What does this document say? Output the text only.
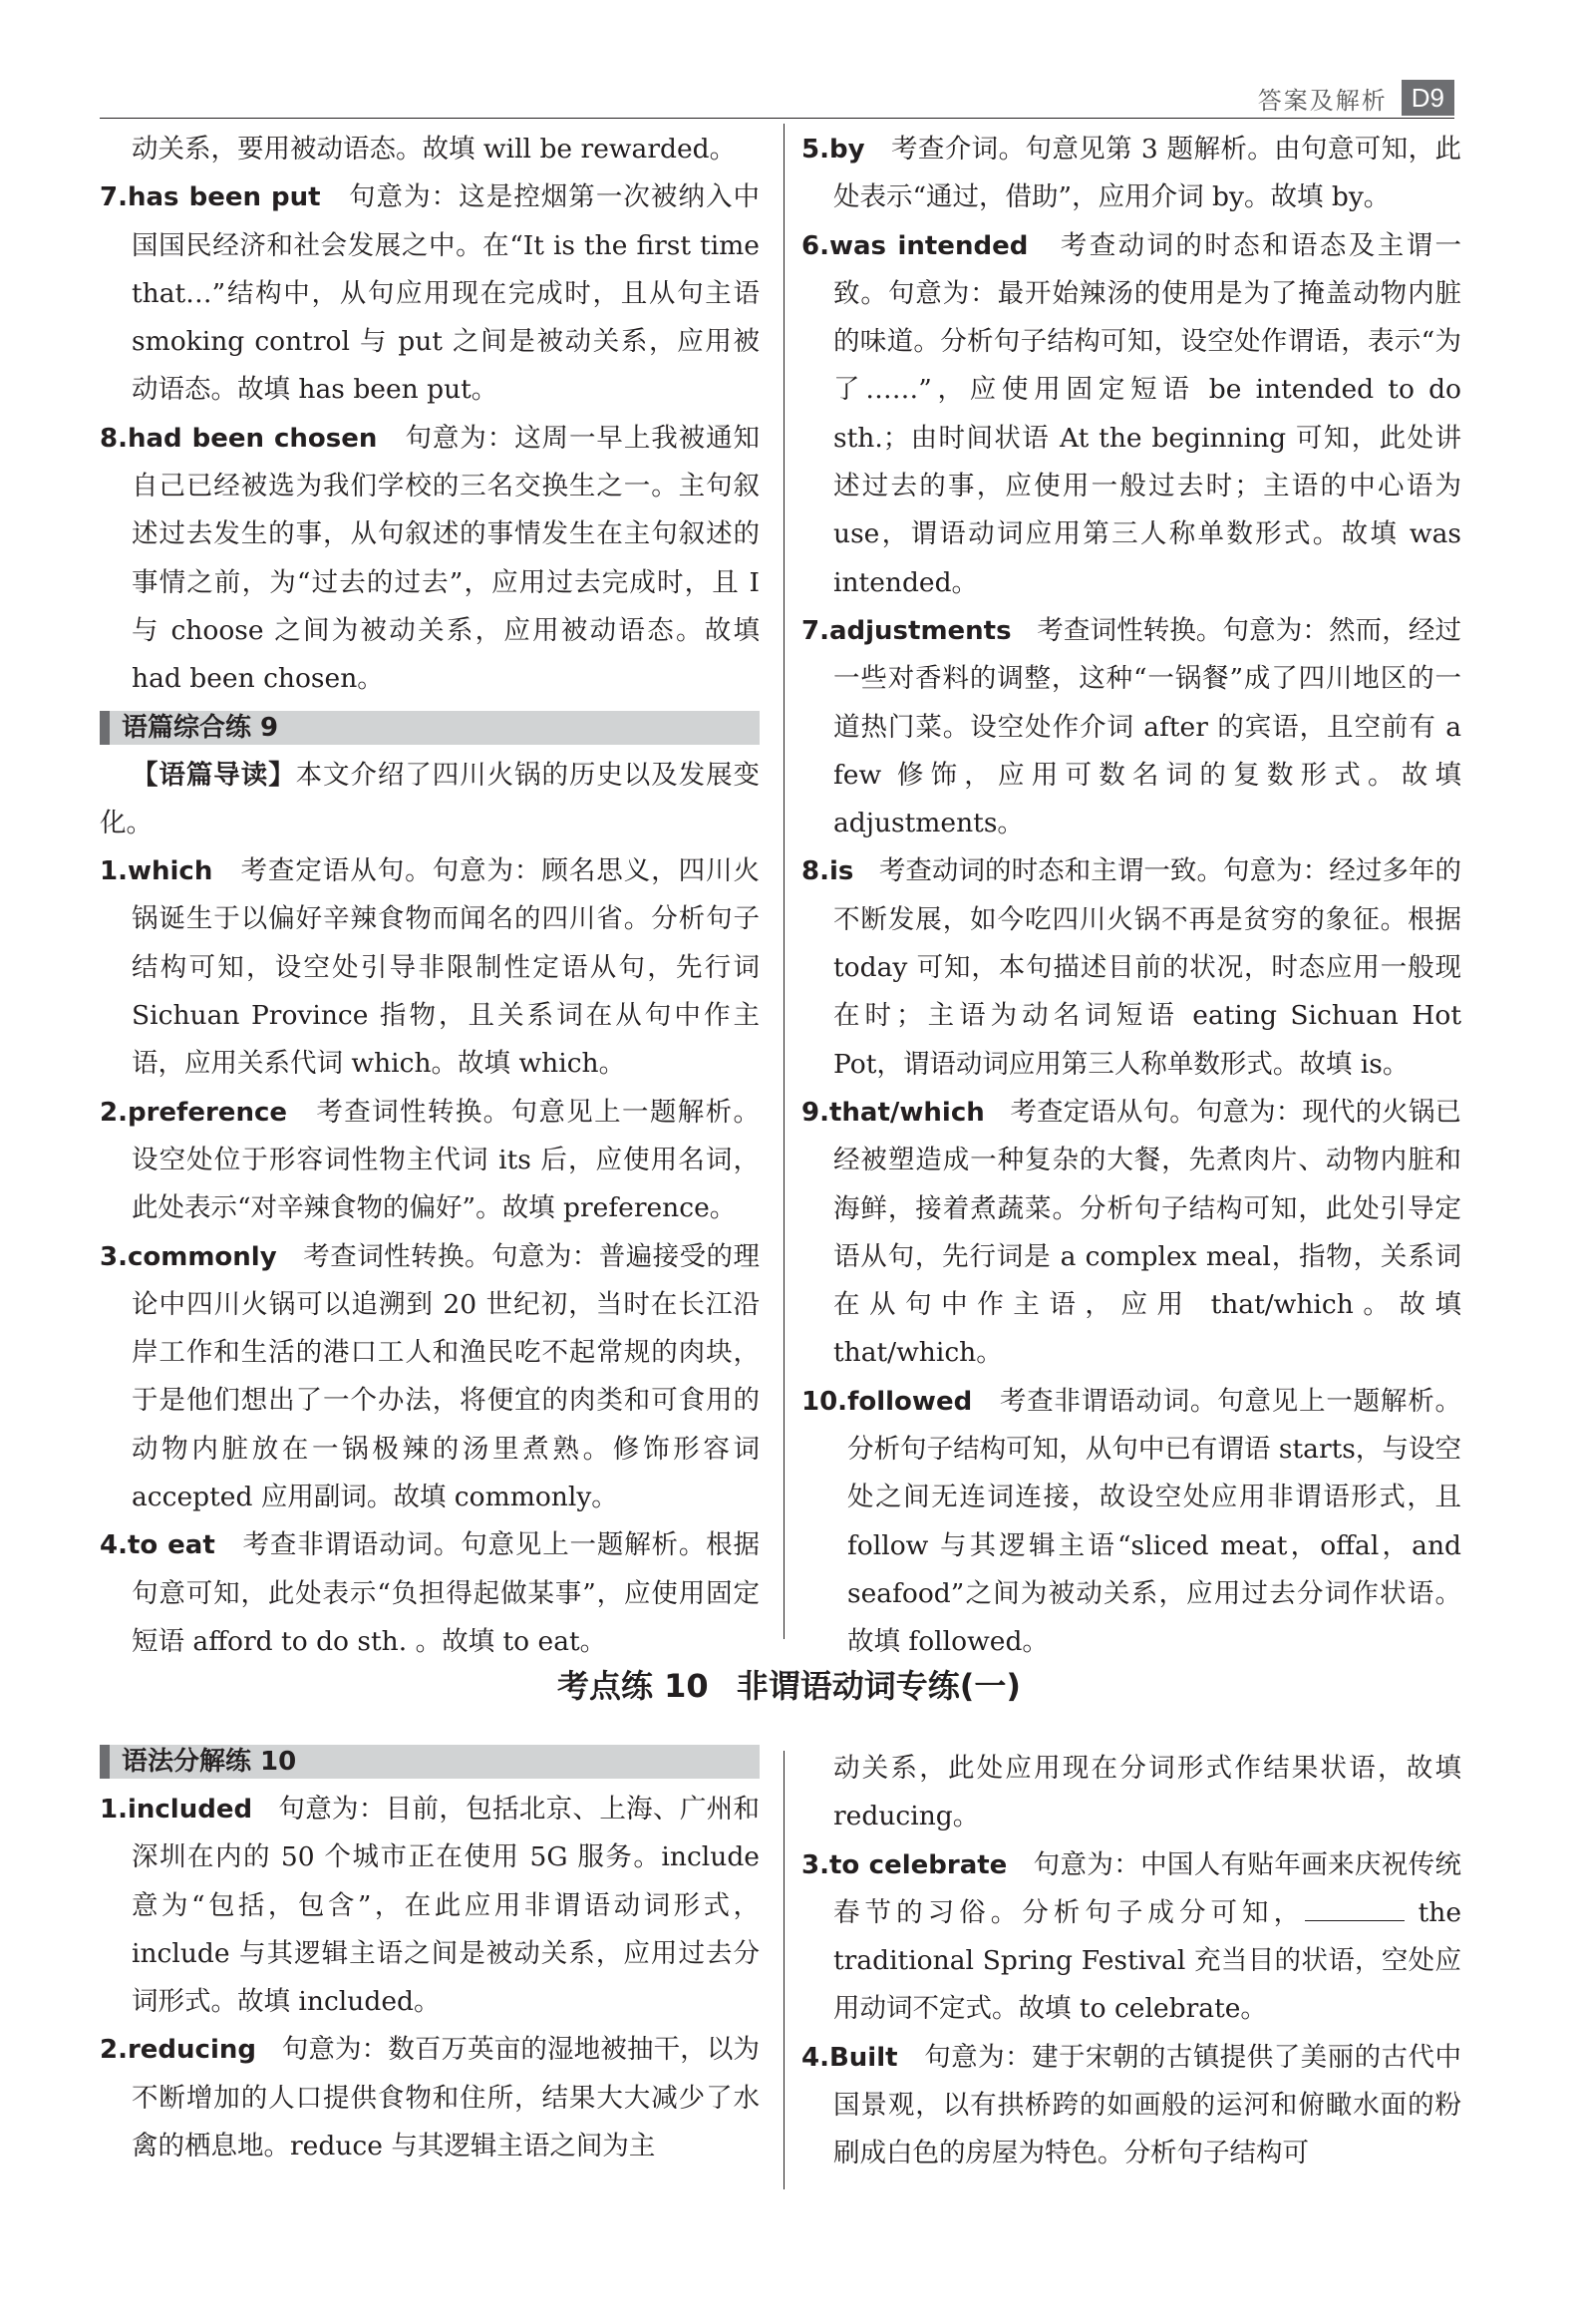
答案及解析 D9

动关系，要用被动语态。故填 will be rewarded。

7.has been put 句意为：这是控烟第一次被纳入中国国民经济和社会发展之中。在“It is the first time that…”结构中，从句应用现在完成时，且从句主语 smoking control 与 put 之间是被动关系，应用被动语态。故填 has been put。

8.had been chosen 句意为：这周一早上我被通知自己已经被选为我们学校的三名交换生之一。主句叙述过去发生的事，从句叙述的事情发生在主句叙述的事情之前，为“过去的过去”，应用过去完成时，且 I 与 choose 之间为被动关系，应用被动语态。故填 had been chosen。

语篇综合练 9

【语篇导读】本文介绍了四川火锅的历史以及发展变化。

1.which 考查定语从句。句意为：顾名思义，四川火锅诞生于以偏好辛辣食物而闻名的四川省。分析句子结构可知，设空处引导非限制性定语从句，先行词 Sichuan Province 指物，且关系词在从句中作主语，应用关系代词 which。故填 which。

2.preference 考查词性转换。句意见上一题解析。设空处位于形容词性物主代词 its 后，应使用名词，此处表示“对辛辣食物的偏好”。故填 preference。

3.commonly 考查词性转换。句意为：普遍接受的理论中四川火锅可以追溯到 20 世纪初，当时在长江沿岸工作和生活的港口工人和渔民吃不起常规的肉块，于是他们想出了一个办法，将便宜的肉类和可食用的动物内脏放在一锅极辣的汤里煮熟。修饰形容词 accepted 应用副词。故填 commonly。

4.to eat 考查非谓语动词。句意见上一题解析。根据句意可知，此处表示“负担得起做某事”，应使用固定短语 afford to do sth. 。故填 to eat。

5.by 考查介词。句意见第 3 题解析。由句意可知，此处表示“通过，借助”，应用介词 by。故填 by。

6.was intended 考查动词的时态和语态及主谓一致。句意为：最开始辣汤的使用是为了掩盖动物内脏的味道。分析句子结构可知，设空处作谓语，表示“为了……”，应使用固定短语 be intended to do sth.；由时间状语 At the beginning 可知，此处讲述过去的事，应使用一般过去时；主语的中心语为 use，谓语动词应用第三人称单数形式。故填 was intended。

7.adjustments 考查词性转换。句意为：然而，经过一些对香料的调整，这种“一锅餐”成了四川地区的一道热门菜。设空处作介词 after 的宾语，且空前有 a few 修饰，应用可数名词的复数形式。故填 adjustments。

8.is 考查动词的时态和主谓一致。句意为：经过多年的不断发展，如今吃四川火锅不再是贫穷的象征。根据 today 可知，本句描述目前的状况，时态应用一般现在时；主语为动名词短语 eating Sichuan Hot Pot，谓语动词应用第三人称单数形式。故填 is。

9.that/which 考查定语从句。句意为：现代的火锅已经被塑造成一种复杂的大餐，先煮肉片、动物内脏和海鲜，接着煮蔬菜。分析句子结构可知，此处引导定语从句，先行词是 a complex meal，指物，关系词在从句中作主语，应用 that/which。故填 that/which。

10.followed 考查非谓语动词。句意见上一题解析。分析句子结构可知，从句中已有谓语 starts，与设空处之间无连词连接，故设空处应用非谓语形式，且 follow 与其逻辑主语“sliced meat，offal，and seafood”之间为被动关系，应用过去分词作状语。故填 followed。

考点练 10 非谓语动词专练(一)
语法分解练 10

1.included 句意为：目前，包括北京、上海、广州和深圳在内的 50 个城市正在使用 5G 服务。include 意为“包括，包含”，在此应用非谓语动词形式，include 与其逻辑主语之间是被动关系，应用过去分词形式。故填 included。

2.reducing 句意为：数百万英亩的湿地被抽干，以为不断增加的人口提供食物和住所，结果大大减少了水禽的栖息地。reduce 与其逻辑主语之间为主

动关系，此处应用现在分词形式作结果状语，故填 reducing。

3.to celebrate 句意为：中国人有贴年画来庆祝传统春节的习俗。分析句子成分可知，	the traditional Spring Festival 充当目的状语，空处应用动词不定式。故填 to celebrate。

4.Built 句意为：建于宋朝的古镇提供了美丽的古代中国景观，以有拱桥跨的如画般的运河和俯瞰水面的粉刷成白色的房屋为特色。分析句子结构可
